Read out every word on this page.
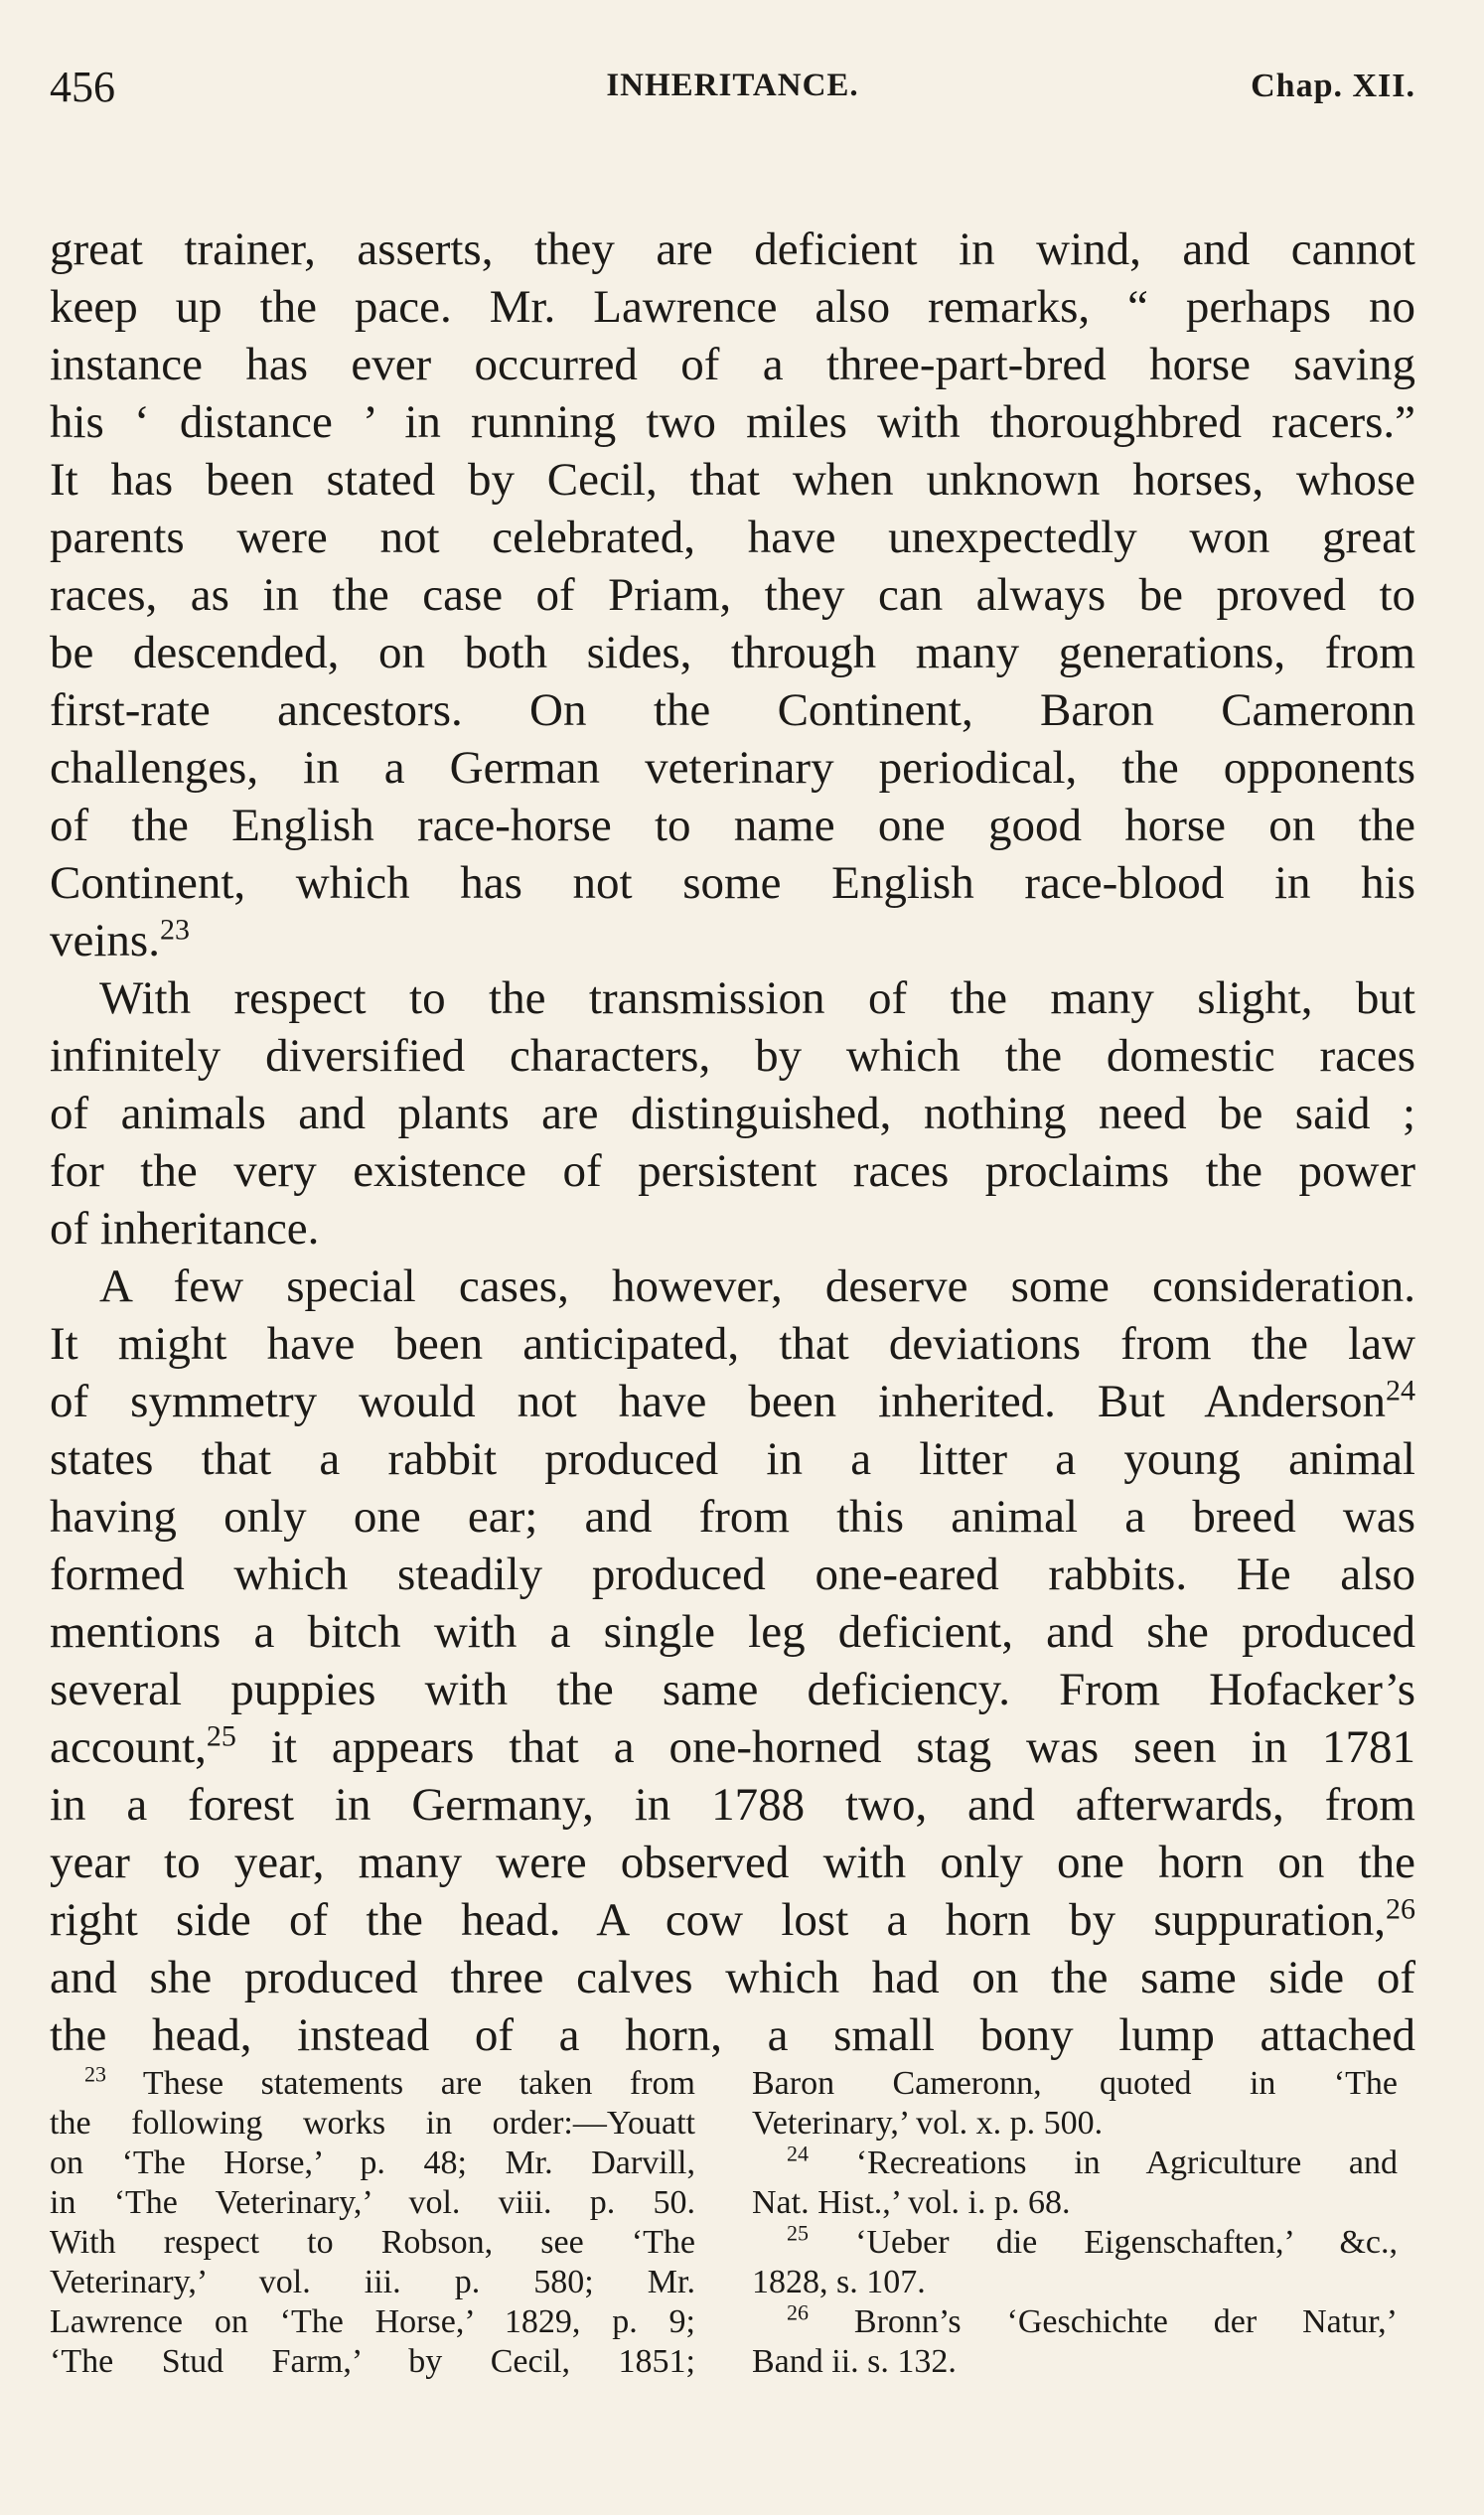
456	INHERITANCE.	Chap. XII.
great trainer, asserts, they are deficient in wind, and cannot
keep up the pace. Mr. Lawrence also remarks, “ perhaps no
instance has ever occurred of a three-part-bred horse saving
his ‘ distance ’ in running two miles with thoroughbred racers.”
It has been stated by Cecil, that when unknown horses, whose
parents were not celebrated, have unexpectedly won great
races, as in the case of Priam, they can always be proved to
be descended, on both sides, through many generations, from
first-rate ancestors. On the Continent, Baron Cameronn
challenges, in a German veterinary periodical, the opponents
of the English race-horse to name one good horse on the
Continent, which has not some English race-blood in his
veins.$^{23}$
With respect to the transmission of the many slight, but
infinitely diversified characters, by which the domestic races
of animals and plants are distinguished, nothing need be said ;
for the very existence of persistent races proclaims the power
of inheritance.
A few special cases, however, deserve some consideration.
It might have been anticipated, that deviations from the law
of symmetry would not have been inherited. But Anderson$^{24}$
states that a rabbit produced in a litter a young animal
having only one ear; and from this animal a breed was
formed which steadily produced one-eared rabbits. He also
mentions a bitch with a single leg deficient, and she produced
several puppies with the same deficiency. From Hofacker’s
account,$^{25}$ it appears that a one-horned stag was seen in 1781
in a forest in Germany, in 1788 two, and afterwards, from
year to year, many were observed with only one horn on the
right side of the head. A cow lost a horn by suppuration,$^{26}$
and she produced three calves which had on the same side of
the head, instead of a horn, a small bony lump attached
$^{23}$ These statements are taken from
the following works in order:—Youatt
on ‘The Horse,’ p. 48; Mr. Darvill,
in ‘The Veterinary,’ vol. viii. p. 50.
With respect to Robson, see ‘The
Veterinary,’ vol. iii. p. 580; Mr.
Lawrence on ‘The Horse,’ 1829, p. 9;
‘The Stud Farm,’ by Cecil, 1851;
Baron Cameronn, quoted in ‘The
Veterinary,’ vol. x. p. 500.
$^{24}$ ‘Recreations in Agriculture and
Nat. Hist.,’ vol. i. p. 68.
$^{25}$ ‘Ueber die Eigenschaften,’ &c.,
1828, s. 107.
$^{26}$ Bronn’s ‘Geschichte der Natur,’
Band ii. s. 132.
